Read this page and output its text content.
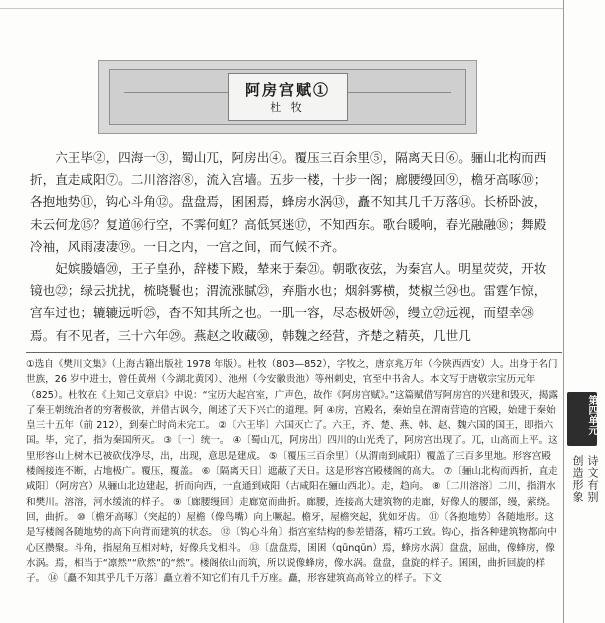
阿房宫赋①
杜 牧

六王毕②，四海一③，蜀山兀，阿房出④。覆压三百余里⑤，隔离天日⑥。骊山北构而西折，直走咸阳⑦。二川溶溶⑧，流入宫墙。五步一楼，十步一阁；廊腰缦回⑨，檐牙高啄⑩；各抱地势⑪，钩心斗角⑫。盘盘焉，囷囷焉，蜂房水涡⑬，矗不知其几千万落⑭。长桥卧波，未云何龙⑮？复道⑯行空，不霁何虹？高低冥迷⑰，不知西东。歌台暖响，春光融融⑱；舞殿冷袖，风雨凄凄⑲。一日之内，一宫之间，而气候不齐。

妃嫔媵嫱⑳，王子皇孙，辞楼下殿，辇来于秦㉑。朝歌夜弦，为秦宫人。明星荧荧，开妆镜也㉒；绿云扰扰，梳晓鬟也；渭流涨腻㉓，弃脂水也；烟斜雾横，焚椒兰㉔也。雷霆乍惊，宫车过也；辘辘远听㉕，杳不知其所之也。一肌一容，尽态极妍㉖，缦立㉗远视，而望幸㉘焉。有不见者，三十六年㉙。燕赵之收藏㉚，韩魏之经营，齐楚之精英，几世几

①选自《樊川文集》（上海古籍出版社 1978 年版）。杜牧（803—852），字牧之，唐京兆万年（今陕西西安）人。出身于名门世族，26 岁中进士，曾任黄州（今湖北黄冈）、池州（今安徽贵池）等州刺史，官至中书舍人。本文写于唐敬宗宝历元年（825）。杜牧在《上知己文章启》中说：“宝历大起宫室，广声色，故作《阿房宫赋》。”这篇赋借写阿房宫的兴建和毁灭，揭露了秦王朝统治者的穷奢极欲，并借古讽今，阐述了天下兴亡的道理。阿 ④房，宫殿名，秦始皇在渭南营造的宫殿，始建于秦始皇三十五年（前 212），到秦亡时尚未完工。 ②〔六王毕〕六国灭亡了。六王，齐、楚、燕、韩、赵、魏六国的国王，即指六国。毕，完了，指为秦国所灭。 ③〔一〕统一。 ④〔蜀山兀，阿房出〕四川的山光秃了，阿房宫出现了。兀，山高而上平。这里形容山上树木已被砍伐净尽，出，出现，意思是建成。 ⑤〔覆压三百余里〕（从渭南到咸阳）覆盖了三百多里地。形容宫殿楼阁接连不断，占地极广。覆压，覆盖。 ⑥〔隔离天日〕遮蔽了天日。这是形容宫殿楼阁的高大。 ⑦〔骊山北构而西折，直走咸阳〕（阿房宫）从骊山北边建起，折而向西，一直通到咸阳（古咸阳在骊山西北）。走，趋向。 ⑧〔二川溶溶〕二川，指渭水和樊川。溶溶，河水缓流的样子。 ⑨〔廊腰缦回〕走廊宽而曲折。廊腰，连接高大建筑物的走廊，好像人的腰部，缦，萦绕。回，曲折。 ⑩〔檐牙高啄〕（突起的）屋檐（像鸟嘴）向上噘起。檐牙，屋檐突起，犹如牙齿。 ⑪〔各抱地势〕各随地形。这是写楼阁各随地势的高下向背而建筑的状态。 ⑫〔钩心斗角〕指宫室结构的参差错落，精巧工致。钩心，指各种建筑物都向中心区攒聚。斗角，指屋角互相对峙，好像兵戈相斗。 ⑬〔盘盘焉，囷囷（qūnqūn）焉，蜂房水涡〕盘盘，屈曲，像蜂房，像水涡。焉，相当于“凛然”“欣然”的“然”。楼阁依山而筑，所以说像蜂房，像水涡。盘盘，盘旋的样子。囷囷，曲折回旋的样子。 ⑭〔矗不知其乎几千万落〕矗立着不知它们有几千万座。矗，形容建筑高高耸立的样子。下文

第四单元
创造形象 诗文有别
